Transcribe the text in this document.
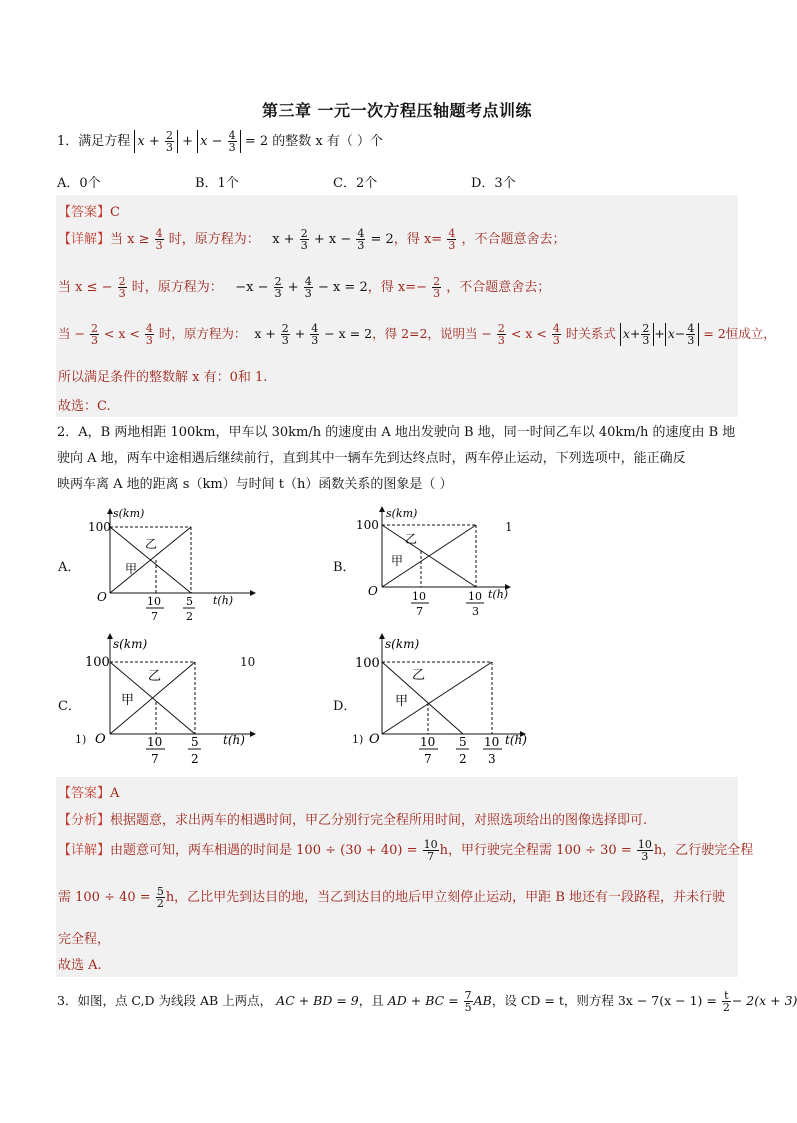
第三章 一元一次方程压轴题考点训练
1．满足方程 $x + \frac{2}{3} + x - \frac{4}{3} = 2$ 的整数 x 有（ ）个
A．0个	B．1个	C．2个	D．3个
【答案】C
【详解】当 $x \ge \frac{4}{3}$ 时，原方程为： $x + \frac{2}{3} + x - \frac{4}{3} = 2$，得 $x= \frac{4}{3}$ ，不合题意舍去；
当 x ≤ − $\frac{2}{3}$ 时，原方程为： $-x - \frac{2}{3} + \frac{4}{3} - x = 2$，得 $x=- \frac{2}{3}$ ，不合题意舍去；
当 − $\frac{2}{3} < x < \frac{4}{3}$ 时，原方程为： $x + \frac{2}{3} + \frac{4}{3} - x = 2$，得 2=2，说明当 − $\frac{2}{3} < x < \frac{4}{3}$ 时关系式 $x+ \frac{2}{3} + x- \frac{4}{3} = 2$恒成立，
所以满足条件的整数解 x 有：0和 1.
故选：C.
2．A，B 两地相距 100km，甲车以 30km/h 的速度由 A 地出发驶向 B 地，同一时间乙车以 40km/h 的速度由 B 地
驶向 A 地，两车中途相遇后继续前行，直到其中一辆车先到达终点时，两车停止运动，下列选项中，能正确反
映两车离 A 地的距离 s（km）与时间 t（h）函数关系的图象是（ ）
A．	B．
C．	D．
1
10
1)	1)
s(km)
t(h)
O
100
乙
甲
10
7
5
2
s(km)
t(h)
O
100
乙
甲
10
7
10
3
s(km)
t(h)
O
100
乙
甲
10
7
5
2
s(km)
t(h)
O
100
乙
甲
10
7
5
2
10
3
【答案】A
【分析】根据题意，求出两车的相遇时间，甲乙分别行完全程所用时间，对照选项给出的图像选择即可.
【详解】由题意可知，两车相遇的时间是 $100 \div (30 + 40) = \frac{10}{7}$ h，甲行驶完全程需 $100 \div 30 = \frac{10}{3}$ h，乙行驶完全程
需 $100 \div 40 = \frac{5}{2}$ h，乙比甲先到达目的地，当乙到达目的地后甲立刻停止运动，甲距 B 地还有一段路程，并未行驶
完全程，
故选 A.
3．如图，点 C,D 为线段 AB 上两点， AC + BD = 9，且 AD + BC = $\frac{7}{5}$ AB，设 CD = t，则方程 $3x - 7(x - 1) = \frac{t}{2} - 2(x + 3)$
